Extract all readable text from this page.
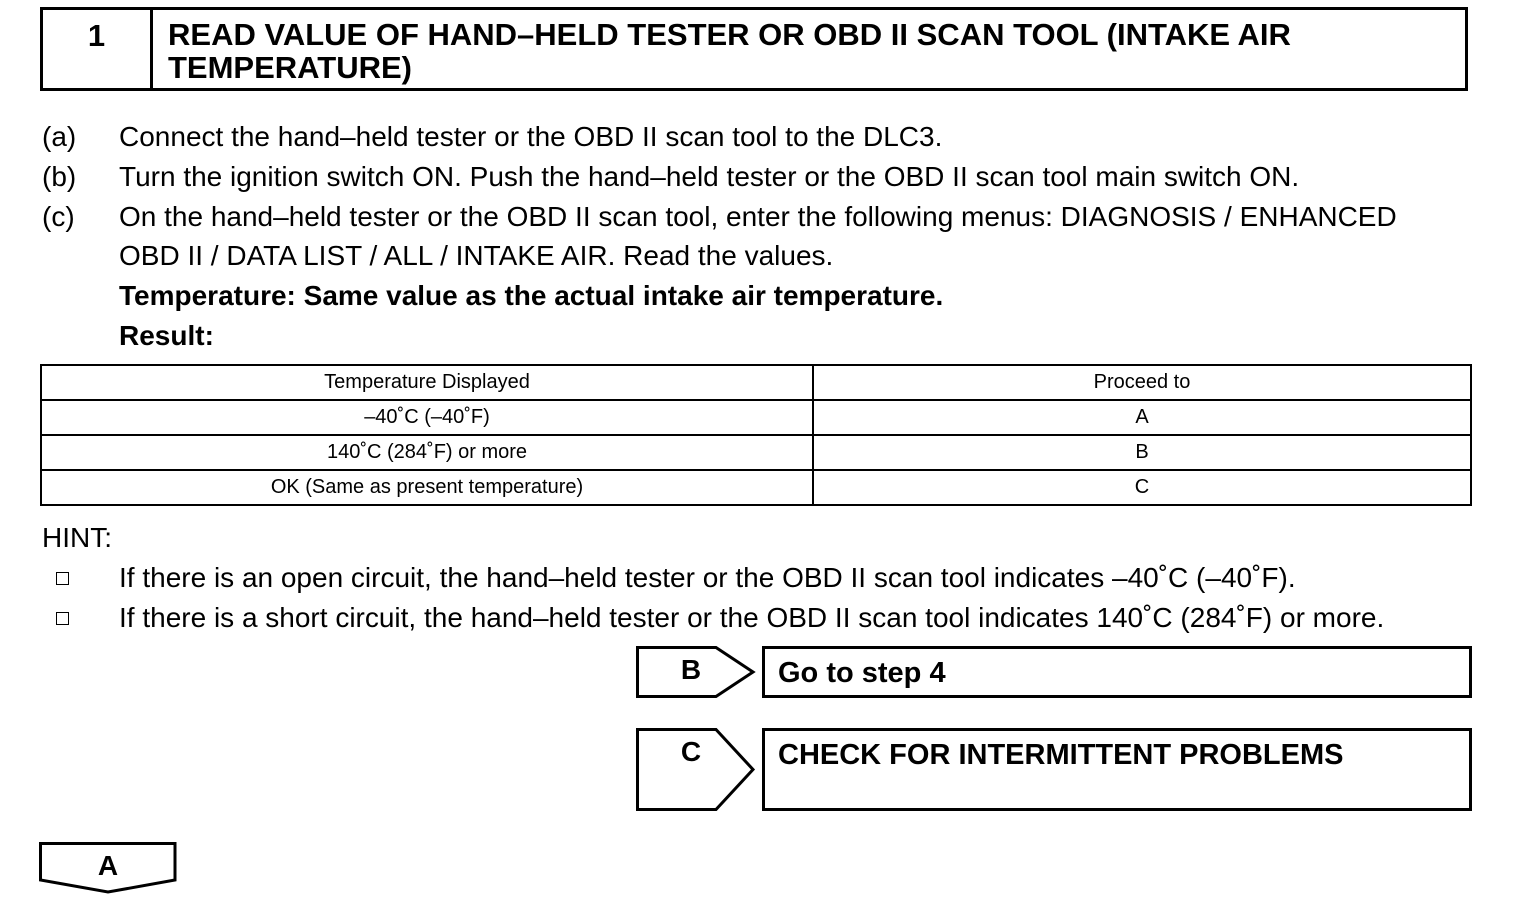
1	READ VALUE OF HAND–HELD TESTER OR OBD II SCAN TOOL (INTAKE AIR TEMPERATURE)
(a) Connect the hand–held tester or the OBD II scan tool to the DLC3.
(b) Turn the ignition switch ON. Push the hand–held tester or the OBD II scan tool main switch ON.
(c) On the hand–held tester or the OBD II scan tool, enter the following menus: DIAGNOSIS / ENHANCED
OBD II / DATA LIST / ALL / INTAKE AIR. Read the values.
Temperature: Same value as the actual intake air temperature.
Result:
Temperature Displayed	Proceed to
–40˚C (–40˚F)	A
140˚C (284˚F) or more	B
OK (Same as present temperature)	C
HINT:
If there is an open circuit, the hand–held tester or the OBD II scan tool indicates –40˚C (–40˚F).
If there is a short circuit, the hand–held tester or the OBD II scan tool indicates 140˚C (284˚F) or more.
B	Go to step 4
C	CHECK FOR INTERMITTENT PROBLEMS
A
